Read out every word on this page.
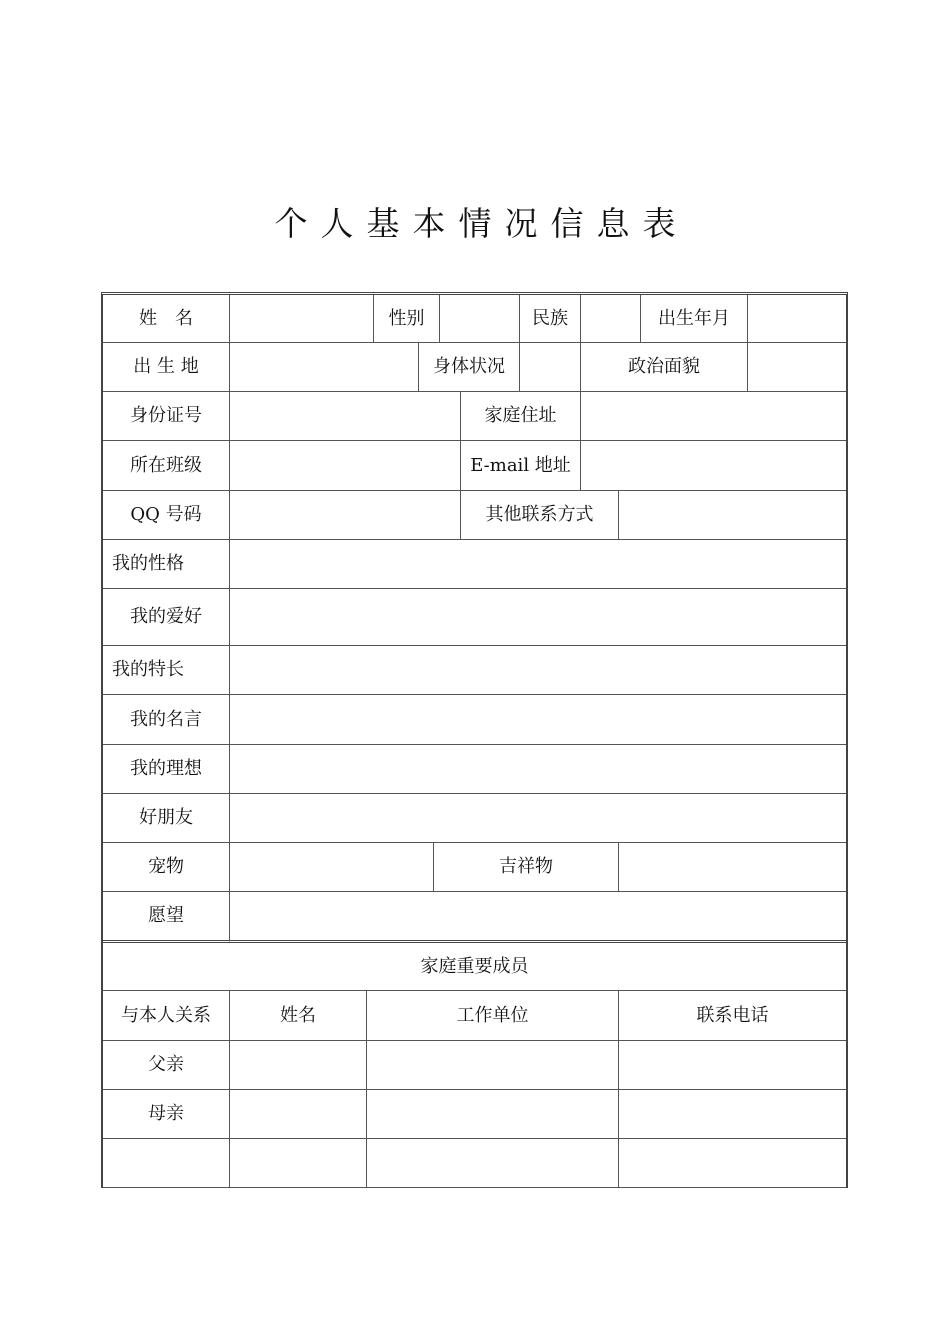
个人基本情况信息表
姓　名	性别	民族	出生年月
出 生 地	身体状况	政治面貌
身份证号	家庭住址
所在班级	E-mail 地址
QQ 号码	其他联系方式
我的性格
我的爱好
我的特长
我的名言
我的理想
好朋友
宠物	吉祥物
愿望
家庭重要成员
与本人关系	姓名	工作单位	联系电话
父亲
母亲
